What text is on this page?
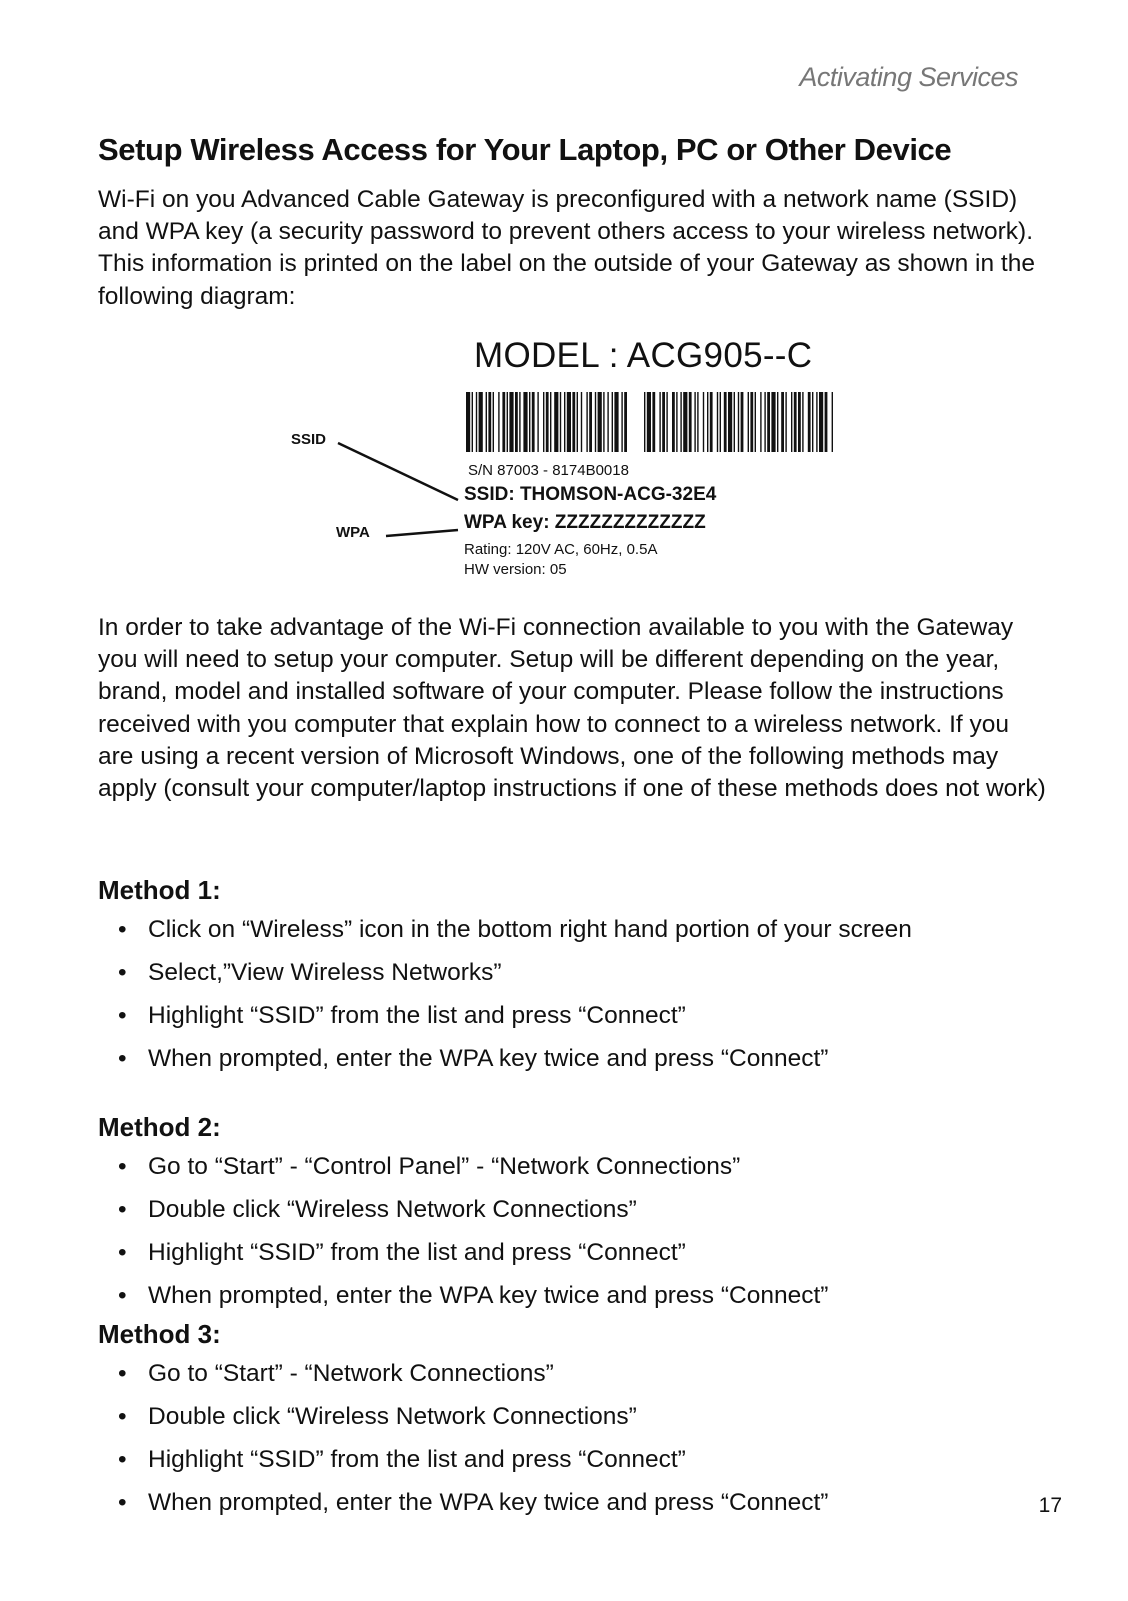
Activating Services
Setup Wireless Access for Your Laptop, PC or Other Device

Wi-Fi on you Advanced Cable Gateway is preconfigured with a network name (SSID) and WPA key (a security password to prevent others access to your wireless network). This information is printed on the label on the outside of your Gateway as shown in the following diagram:

MODEL : ACG905--C
SSID
WPA
S/N 87003 - 8174B0018
SSID: THOMSON-ACG-32E4
WPA key: ZZZZZZZZZZZZZ
Rating: 120V AC, 60Hz, 0.5A
HW version: 05

In order to take advantage of the Wi-Fi connection available to you with the Gateway you will need to setup your computer. Setup will be different depending on the year, brand, model and installed software of your computer. Please follow the instructions received with you computer that explain how to connect to a wireless network. If you are using a recent version of Microsoft Windows, one of the following methods may apply (consult your computer/laptop instructions if one of these methods does not work)

Method 1:
• Click on “Wireless” icon in the bottom right hand portion of your screen
• Select,”View Wireless Networks”
• Highlight “SSID” from the list and press “Connect”
• When prompted, enter the WPA key twice and press “Connect”
Method 2:
• Go to “Start” - “Control Panel” - “Network Connections”
• Double click “Wireless Network Connections”
• Highlight “SSID” from the list and press “Connect”
• When prompted, enter the WPA key twice and press “Connect”
Method 3:
• Go to “Start” - “Network Connections”
• Double click “Wireless Network Connections”
• Highlight “SSID” from the list and press “Connect”
• When prompted, enter the WPA key twice and press “Connect”	17
